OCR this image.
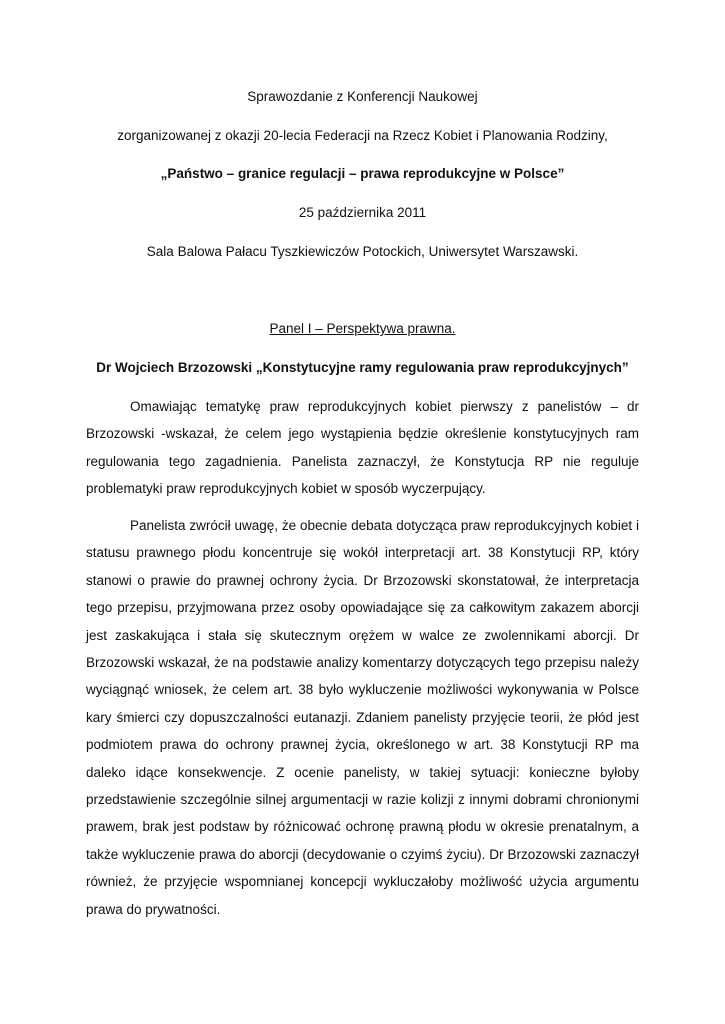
Sprawozdanie z Konferencji Naukowej
zorganizowanej z okazji 20-lecia Federacji na Rzecz Kobiet i Planowania Rodziny,
„Państwo – granice regulacji – prawa reprodukcyjne w Polsce”
25 października 2011
Sala Balowa Pałacu Tyszkiewiczów Potockich, Uniwersytet Warszawski.
Panel I – Perspektywa prawna.
Dr Wojciech Brzozowski „Konstytucyjne ramy regulowania praw reprodukcyjnych”

Omawiając tematykę praw reprodukcyjnych kobiet pierwszy z panelistów – dr Brzozowski -wskazał, że celem jego wystąpienia będzie określenie konstytucyjnych ram regulowania tego zagadnienia. Panelista zaznaczył, że Konstytucja RP nie reguluje problematyki praw reprodukcyjnych kobiet w sposób wyczerpujący.

Panelista zwrócił uwagę, że obecnie debata dotycząca praw reprodukcyjnych kobiet i statusu prawnego płodu koncentruje się wokół interpretacji art. 38 Konstytucji RP, który stanowi o prawie do prawnej ochrony życia. Dr Brzozowski skonstatował, że interpretacja tego przepisu, przyjmowana przez osoby opowiadające się za całkowitym zakazem aborcji jest zaskakująca i stała się skutecznym orężem w walce ze zwolennikami aborcji. Dr Brzozowski wskazał, że na podstawie analizy komentarzy dotyczących tego przepisu należy wyciągnąć wniosek, że celem art. 38 było wykluczenie możliwości wykonywania w Polsce kary śmierci czy dopuszczalności eutanazji. Zdaniem panelisty przyjęcie teorii, że płód jest podmiotem prawa do ochrony prawnej życia, określonego w art. 38 Konstytucji RP ma daleko idące konsekwencje. Z ocenie panelisty, w takiej sytuacji: konieczne byłoby przedstawienie szczególnie silnej argumentacji w razie kolizji z innymi dobrami chronionymi prawem, brak jest podstaw by różnicować ochronę prawną płodu w okresie prenatalnym, a także wykluczenie prawa do aborcji (decydowanie o czyimś życiu). Dr Brzozowski zaznaczył również, że przyjęcie wspomnianej koncepcji wykluczałoby możliwość użycia argumentu prawa do prywatności.
